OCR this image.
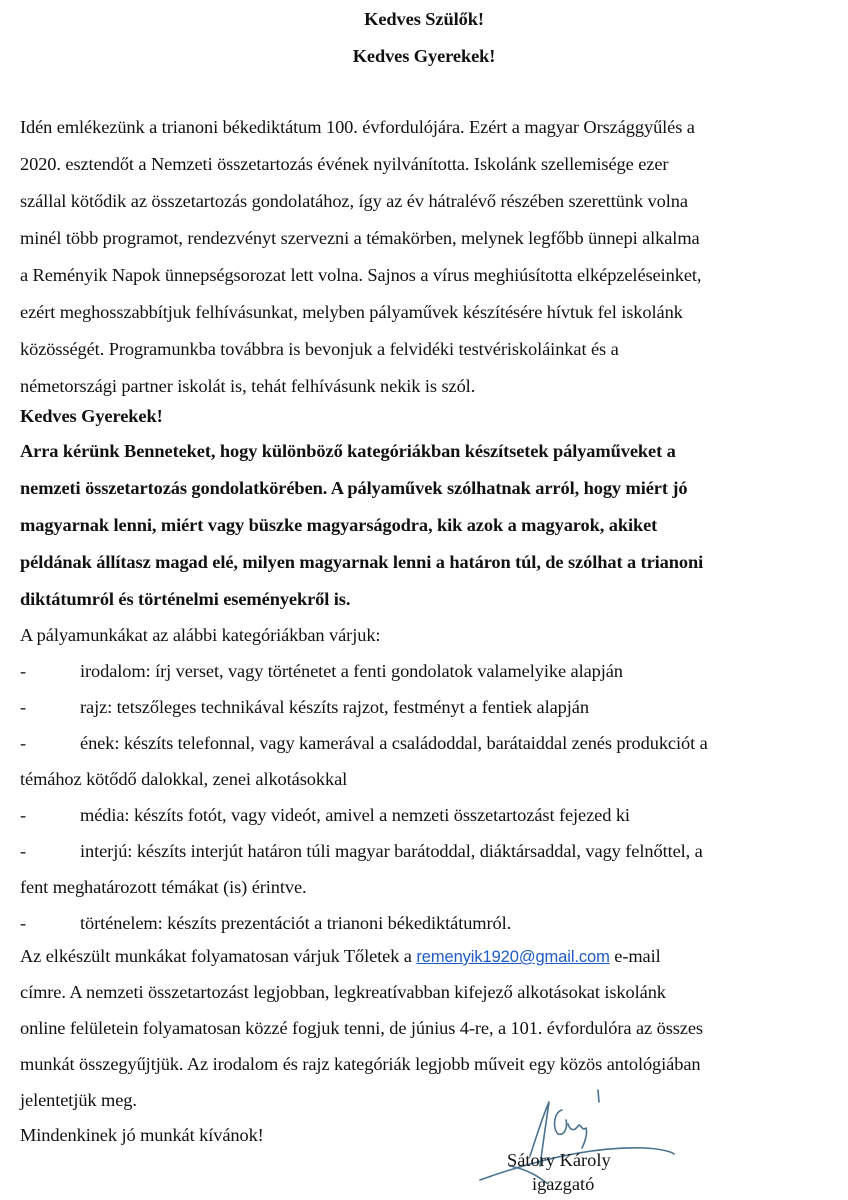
Kedves Szülők!
Kedves Gyerekek!
Idén emlékezünk a trianoni békediktátum 100. évfordulójára. Ezért a magyar Országgyűlés a
2020. esztendőt a Nemzeti összetartozás évének nyilvánította. Iskolánk szellemisége ezer
szállal kötődik az összetartozás gondolatához, így az év hátralévő részében szerettünk volna
minél több programot, rendezvényt szervezni a témakörben, melynek legfőbb ünnepi alkalma
a Reményik Napok ünnepségsorozat lett volna. Sajnos a vírus meghiúsította elképzeléseinket,
ezért meghosszabbítjuk felhívásunkat, melyben pályaművek készítésére hívtuk fel iskolánk
közösségét. Programunkba továbbra is bevonjuk a felvidéki testvériskoláinkat és a
németországi partner iskolát is, tehát felhívásunk nekik is szól.
Kedves Gyerekek!
Arra kérünk Benneteket, hogy különböző kategóriákban készítsetek pályaműveket a
nemzeti összetartozás gondolatkörében. A pályaművek szólhatnak arról, hogy miért jó
magyarnak lenni, miért vagy büszke magyarságodra, kik azok a magyarok, akiket
példának állítasz magad elé, milyen magyarnak lenni a határon túl, de szólhat a trianoni
diktátumról és történelmi eseményekről is.
A pályamunkákat az alábbi kategóriákban várjuk:
-	irodalom: írj verset, vagy történetet a fenti gondolatok valamelyike alapján
-	rajz: tetszőleges technikával készíts rajzot, festményt a fentiek alapján
-	ének: készíts telefonnal, vagy kamerával a családoddal, barátaiddal zenés produkciót a
témához kötődő dalokkal, zenei alkotásokkal
-	média: készíts fotót, vagy videót, amivel a nemzeti összetartozást fejezed ki
-	interjú: készíts interjút határon túli magyar barátoddal, diáktársaddal, vagy felnőttel, a
fent meghatározott témákat (is) érintve.
-	történelem: készíts prezentációt a trianoni békediktátumról.
Az elkészült munkákat folyamatosan várjuk Tőletek a remenyik1920@gmail.com e-mail
címre. A nemzeti összetartozást legjobban, legkreatívabban kifejező alkotásokat iskolánk
online felületein folyamatosan közzé fogjuk tenni, de június 4-re, a 101. évfordulóra az összes
munkát összegyűjtjük. Az irodalom és rajz kategóriák legjobb műveit egy közös antológiában
jelentetjük meg.
Mindenkinek jó munkát kívánok!
Sátory Károly
igazgató
